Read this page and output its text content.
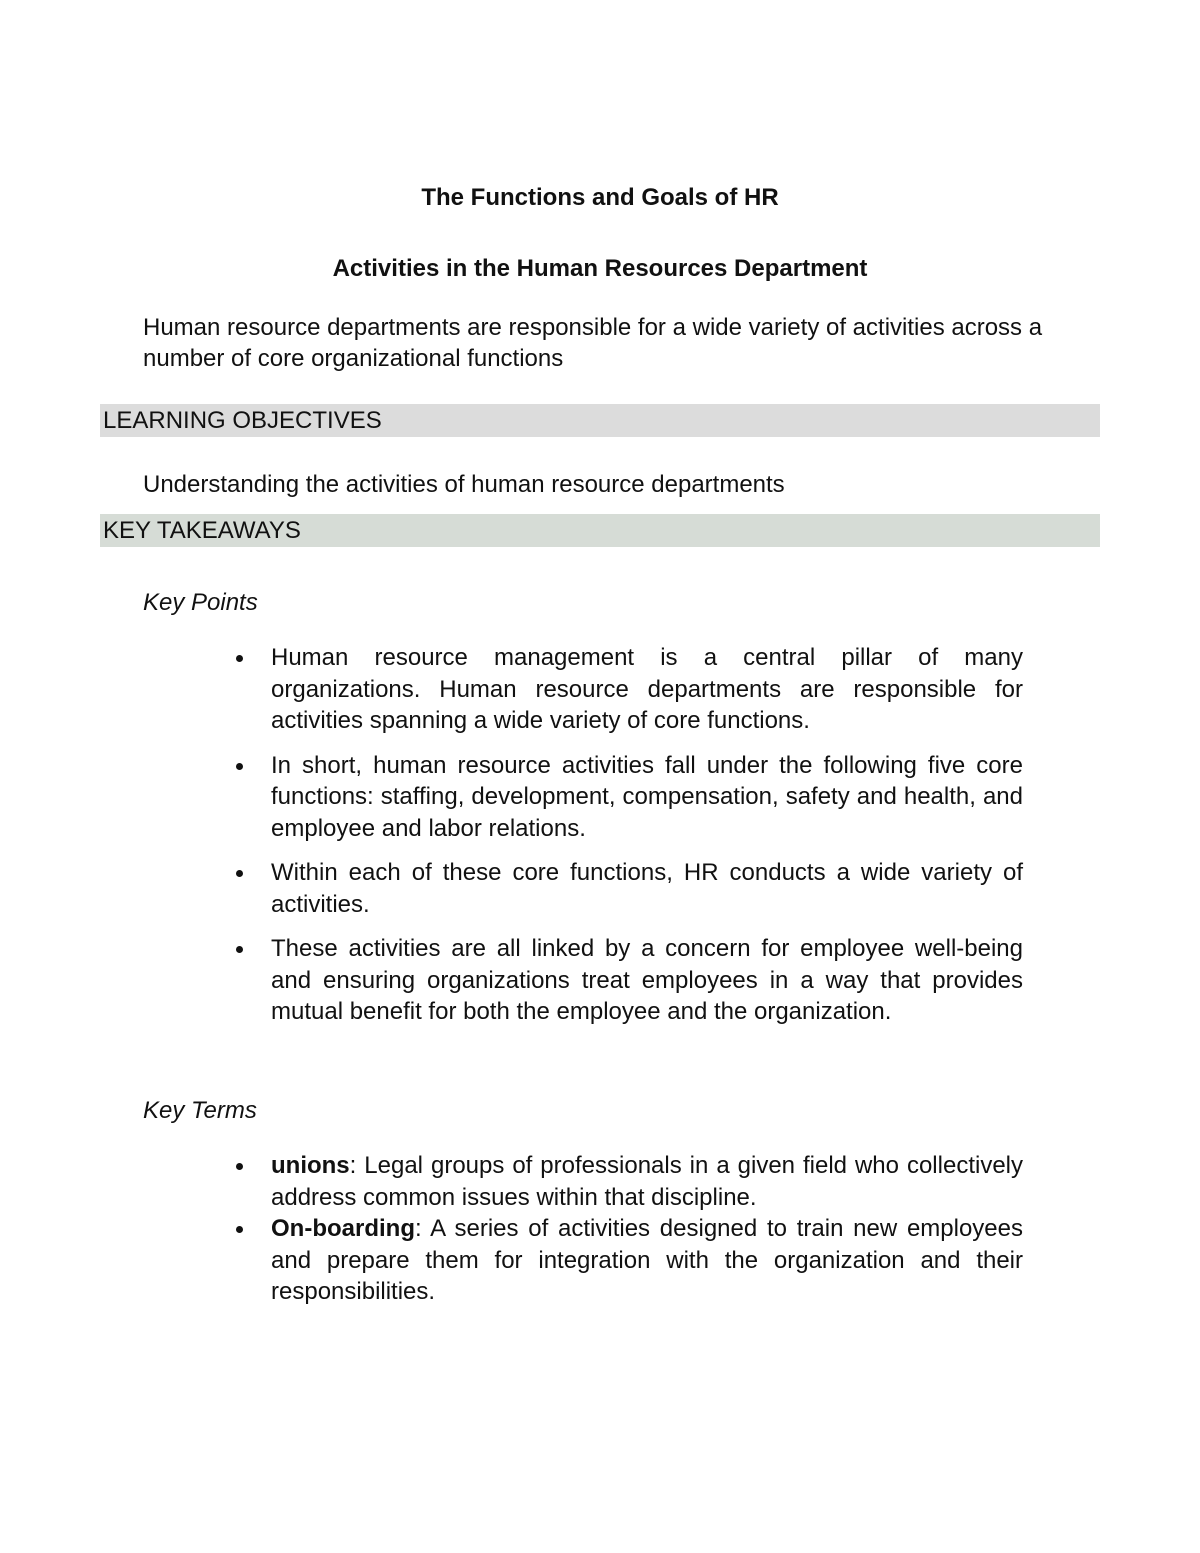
The Functions and Goals of HR
Activities in the Human Resources Department
Human resource departments are responsible for a wide variety of activities across a number of core organizational functions
LEARNING OBJECTIVES
Understanding the activities of human resource departments
KEY TAKEAWAYS
Key Points
Human resource management is a central pillar of many organizations. Human resource departments are responsible for activities spanning a wide variety of core functions.
In short, human resource activities fall under the following five core functions: staffing, development, compensation, safety and health, and employee and labor relations.
Within each of these core functions, HR conducts a wide variety of activities.
These activities are all linked by a concern for employee well-being and ensuring organizations treat employees in a way that provides mutual benefit for both the employee and the organization.
Key Terms
unions: Legal groups of professionals in a given field who collectively address common issues within that discipline.
On-boarding: A series of activities designed to train new employees and prepare them for integration with the organization and their responsibilities.
